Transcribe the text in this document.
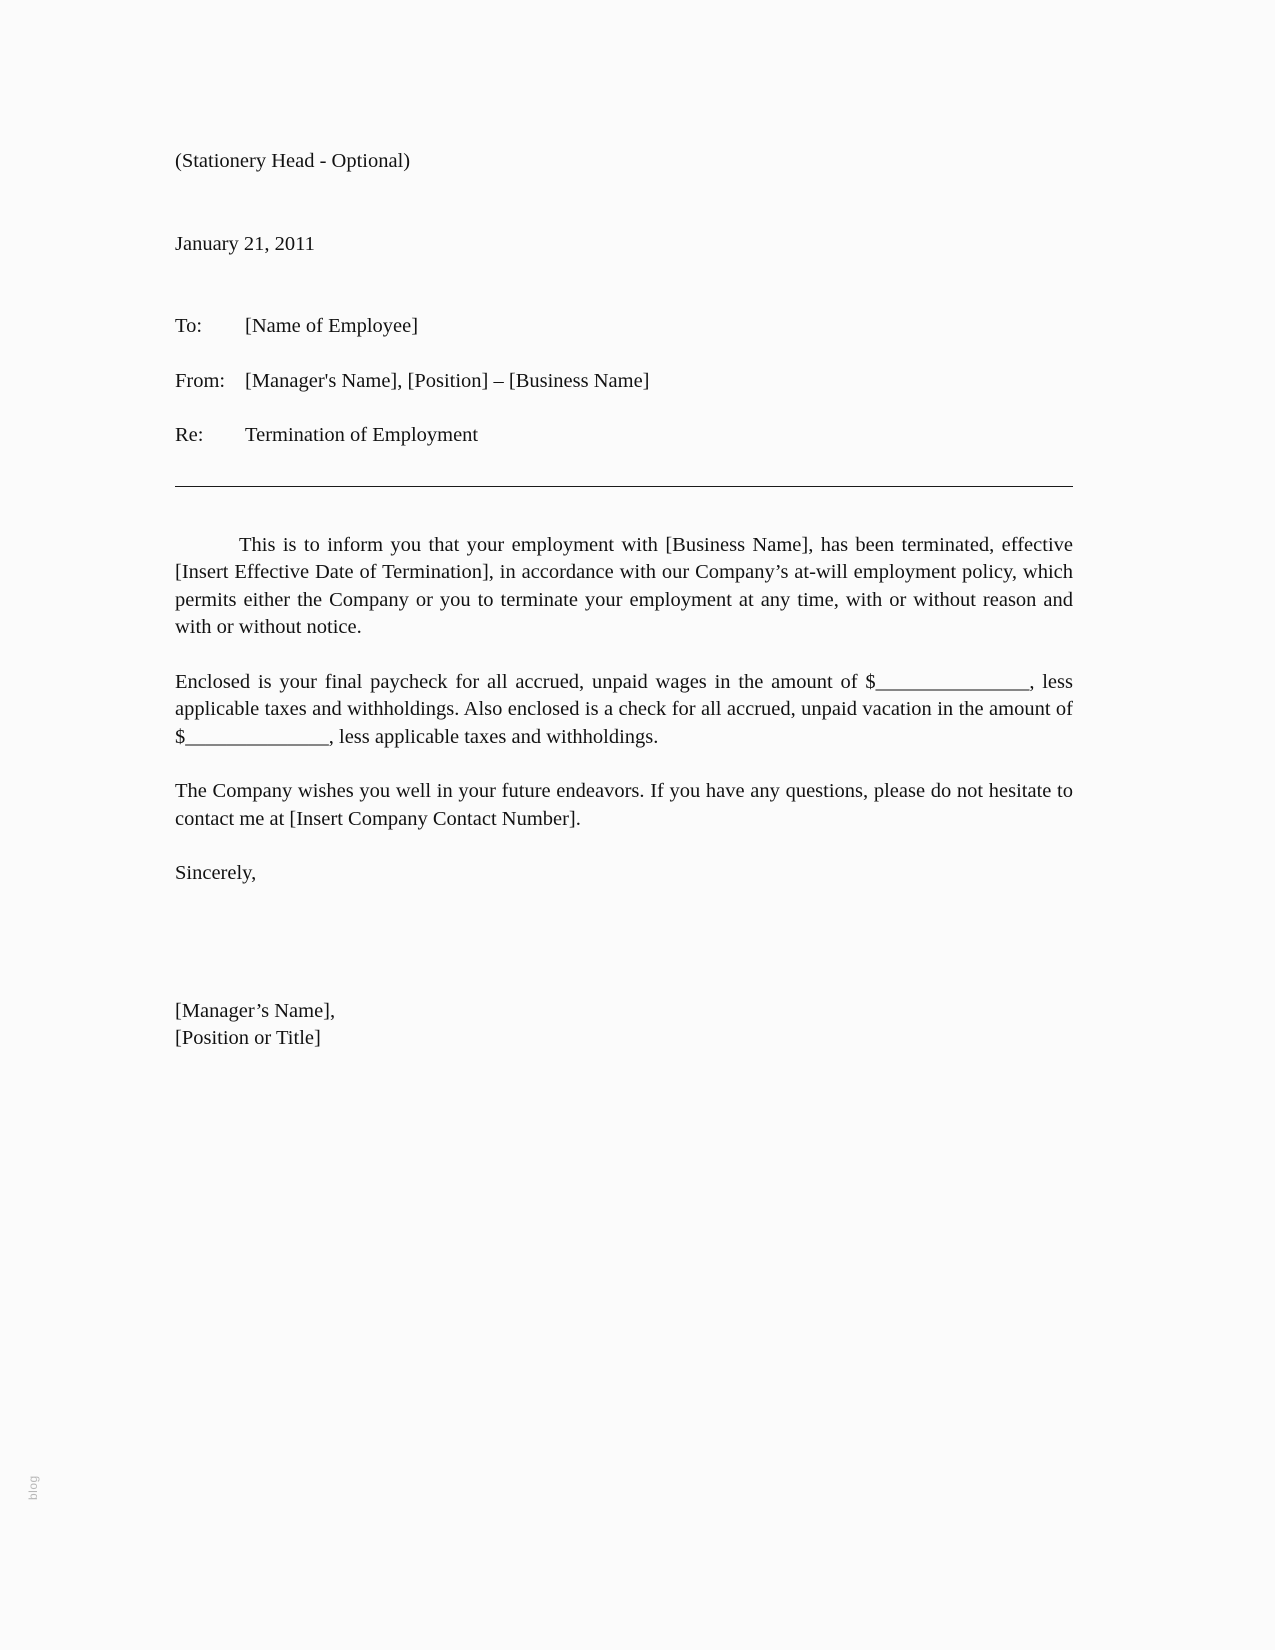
(Stationery Head - Optional)

January 21, 2011

To:	[Name of Employee]
From: [Manager's Name], [Position] – [Business Name]
Re:	Termination of Employment

This is to inform you that your employment with [Business Name], has been terminated, effective [Insert Effective Date of Termination], in accordance with our Company’s at-will employment policy, which permits either the Company or you to terminate your employment at any time, with or without reason and with or without notice.

Enclosed is your final paycheck for all accrued, unpaid wages in the amount of $_______________, less applicable taxes and withholdings. Also enclosed is a check for all accrued, unpaid vacation in the amount of $______________, less applicable taxes and withholdings.

The Company wishes you well in your future endeavors. If you have any questions, please do not hesitate to contact me at [Insert Company Contact Number].

Sincerely,

[Manager’s Name],

[Position or Title]

blog
